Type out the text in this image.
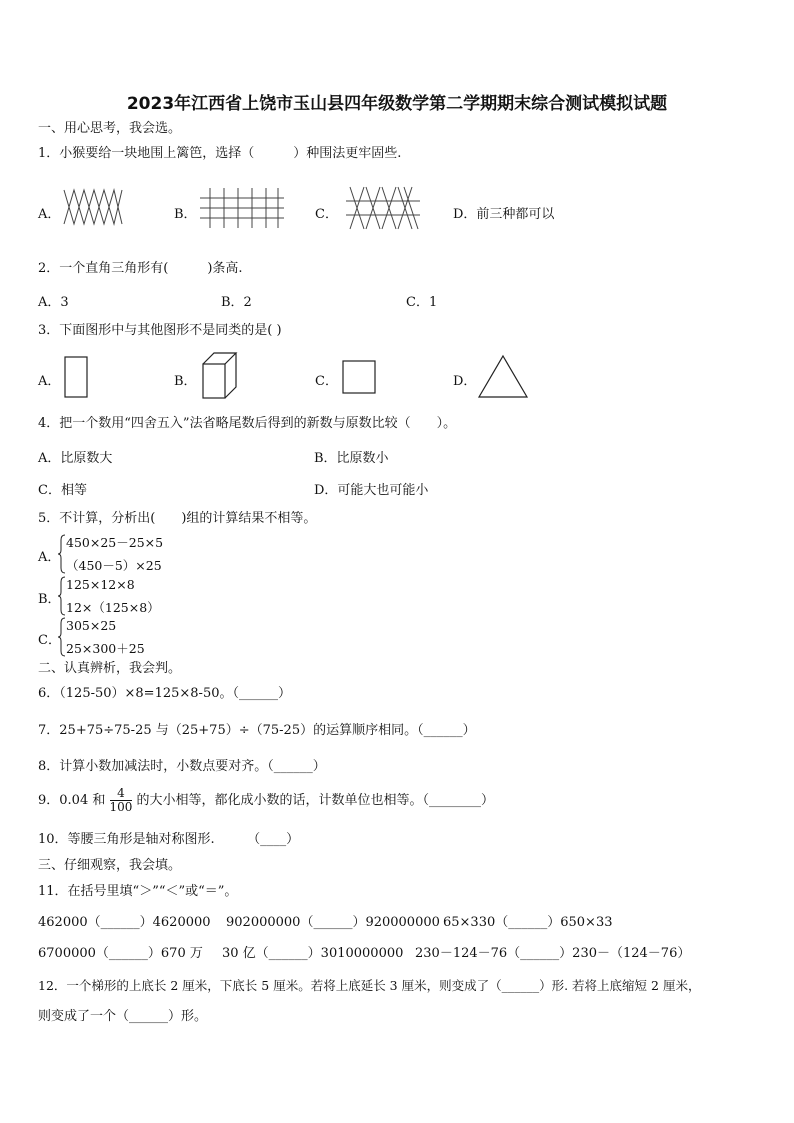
2023年江西省上饶市玉山县四年级数学第二学期期末综合测试模拟试题
一、用心思考，我会选。
1．小猴要给一块地围上篱笆，选择（　　　）种围法更牢固些.
A．	B．	C．	D．前三种都可以
2．一个直角三角形有(　　　)条高.
A．3	B．2	C．1
3．下面图形中与其他图形不是同类的是( )
A．	B．	C．	D．
4．把一个数用“四舍五入”法省略尾数后得到的新数与原数比较（　　）。
A．比原数大	B．比原数小
C．相等	D．可能大也可能小
5．不计算，分析出(　　)组的计算结果不相等。
A．
450×25－25×5
（450－5）×25
B．
125×12×8
12×（125×8）
C．
305×25
25×300＋25
二、认真辨析，我会判。
6．（125-50）×8=125×8-50。（______）
7．25+75÷75-25 与（25+75）÷（75-25）的运算顺序相同。（______）
8．计算小数加减法时，小数点要对齐。（______）
9．0.04 和 $\frac{4}{100}$ 的大小相等，都化成小数的话，计数单位也相等。（________）
10．等腰三角形是轴对称图形.　　　（____）
三、仔细观察，我会填。
11．在括号里填“＞”“＜”或“＝”。
462000（______）4620000 902000000（______）920000000 65×330（______）650×33
6700000（______）670 万 30 亿（______）3010000000 230－124－76（______）230－（124－76）
12．一个梯形的上底长 2 厘米，下底长 5 厘米。若将上底延长 3 厘米，则变成了（______）形. 若将上底缩短 2 厘米，
则变成了一个（______）形。
